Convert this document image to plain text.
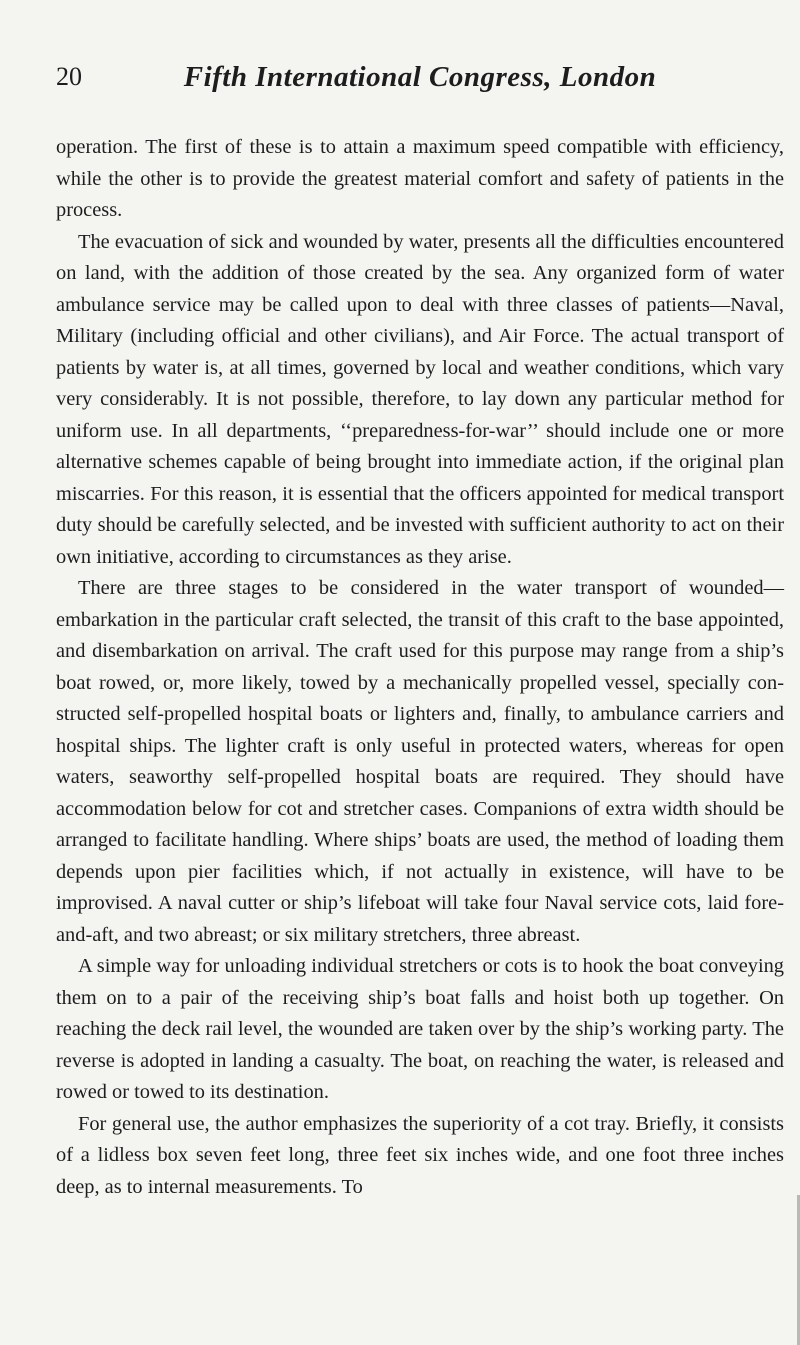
20	Fifth International Congress, London

operation. The first of these is to attain a maximum speed compatible with efficiency, while the other is to provide the greatest material comfort and safety of patients in the process.

The evacuation of sick and wounded by water, presents all the difficulties encountered on land, with the addition of those created by the sea. Any organized form of water ambulance service may be called upon to deal with three classes of patients—Naval, Military (including official and other civilians), and Air Force. The actual transport of patients by water is, at all times, governed by local and weather conditions, which vary very considerably. It is not possible, therefore, to lay down any particular method for uniform use. In all departments, ‘‘preparedness-for-war’’ should include one or more alternative schemes capable of being brought into immediate action, if the original plan miscarries. For this reason, it is essential that the officers appointed for medical transport duty should be carefully selected, and be invested with sufficient authority to act on their own initiative, according to circumstances as they arise.

There are three stages to be considered in the water transport of wounded—embarkation in the particular craft selected, the transit of this craft to the base appointed, and disembarkation on arrival. The craft used for this purpose may range from a ship’s boat rowed, or, more likely, towed by a mechanically propelled vessel, specially constructed self-propelled hospital boats or lighters and, finally, to ambulance carriers and hospital ships. The lighter craft is only useful in protected waters, whereas for open waters, seaworthy self-propelled hospital boats are required. They should have accommodation below for cot and stretcher cases. Companions of extra width should be arranged to facilitate handling. Where ships’ boats are used, the method of loading them depends upon pier facilities which, if not actually in existence, will have to be improvised. A naval cutter or ship’s lifeboat will take four Naval service cots, laid fore-and-aft, and two abreast; or six military stretchers, three abreast.

A simple way for unloading individual stretchers or cots is to hook the boat conveying them on to a pair of the receiving ship’s boat falls and hoist both up together. On reaching the deck rail level, the wounded are taken over by the ship’s working party. The reverse is adopted in landing a casualty. The boat, on reaching the water, is released and rowed or towed to its destination.

For general use, the author emphasizes the superiority of a cot tray. Briefly, it consists of a lidless box seven feet long, three feet six inches wide, and one foot three inches deep, as to internal measurements. To
